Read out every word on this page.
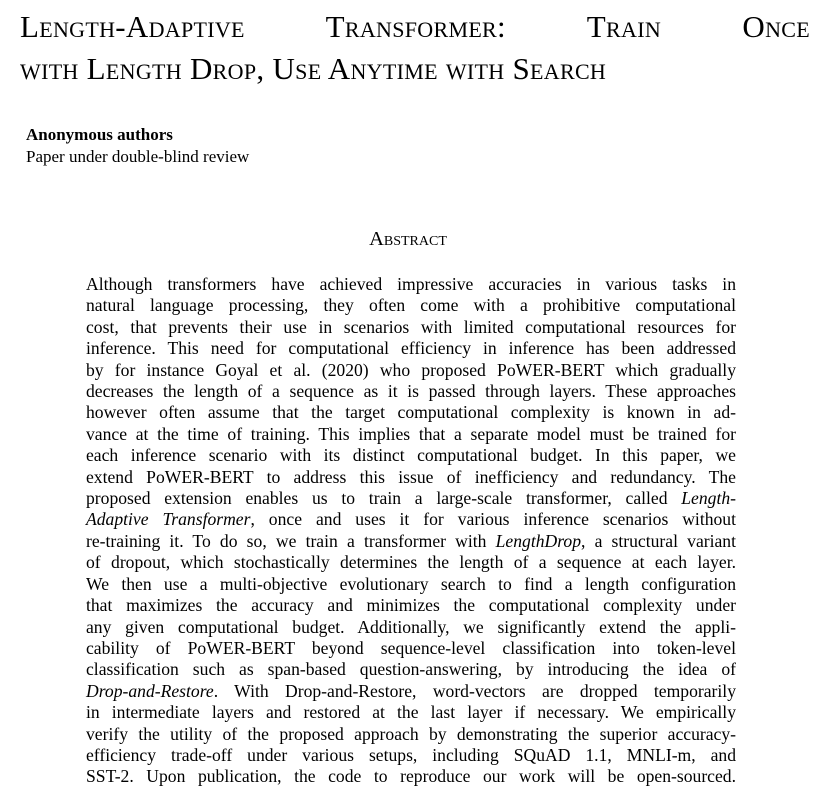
Length-Adaptive Transformer: Train Once
with Length Drop, Use Anytime with Search
Anonymous authors
Paper under double-blind review
Abstract
Although transformers have achieved impressive accuracies in various tasks in
natural language processing, they often come with a prohibitive computational
cost, that prevents their use in scenarios with limited computational resources for
inference. This need for computational efficiency in inference has been addressed
by for instance Goyal et al. (2020) who proposed PoWER-BERT which gradually
decreases the length of a sequence as it is passed through layers. These approaches
however often assume that the target computational complexity is known in ad-
vance at the time of training. This implies that a separate model must be trained for
each inference scenario with its distinct computational budget. In this paper, we
extend PoWER-BERT to address this issue of inefficiency and redundancy. The
proposed extension enables us to train a large-scale transformer, called Length-
Adaptive Transformer, once and uses it for various inference scenarios without
re-training it. To do so, we train a transformer with LengthDrop, a structural variant
of dropout, which stochastically determines the length of a sequence at each layer.
We then use a multi-objective evolutionary search to find a length configuration
that maximizes the accuracy and minimizes the computational complexity under
any given computational budget. Additionally, we significantly extend the appli-
cability of PoWER-BERT beyond sequence-level classification into token-level
classification such as span-based question-answering, by introducing the idea of
Drop-and-Restore. With Drop-and-Restore, word-vectors are dropped temporarily
in intermediate layers and restored at the last layer if necessary. We empirically
verify the utility of the proposed approach by demonstrating the superior accuracy-
efficiency trade-off under various setups, including SQuAD 1.1, MNLI-m, and
SST-2. Upon publication, the code to reproduce our work will be open-sourced.
